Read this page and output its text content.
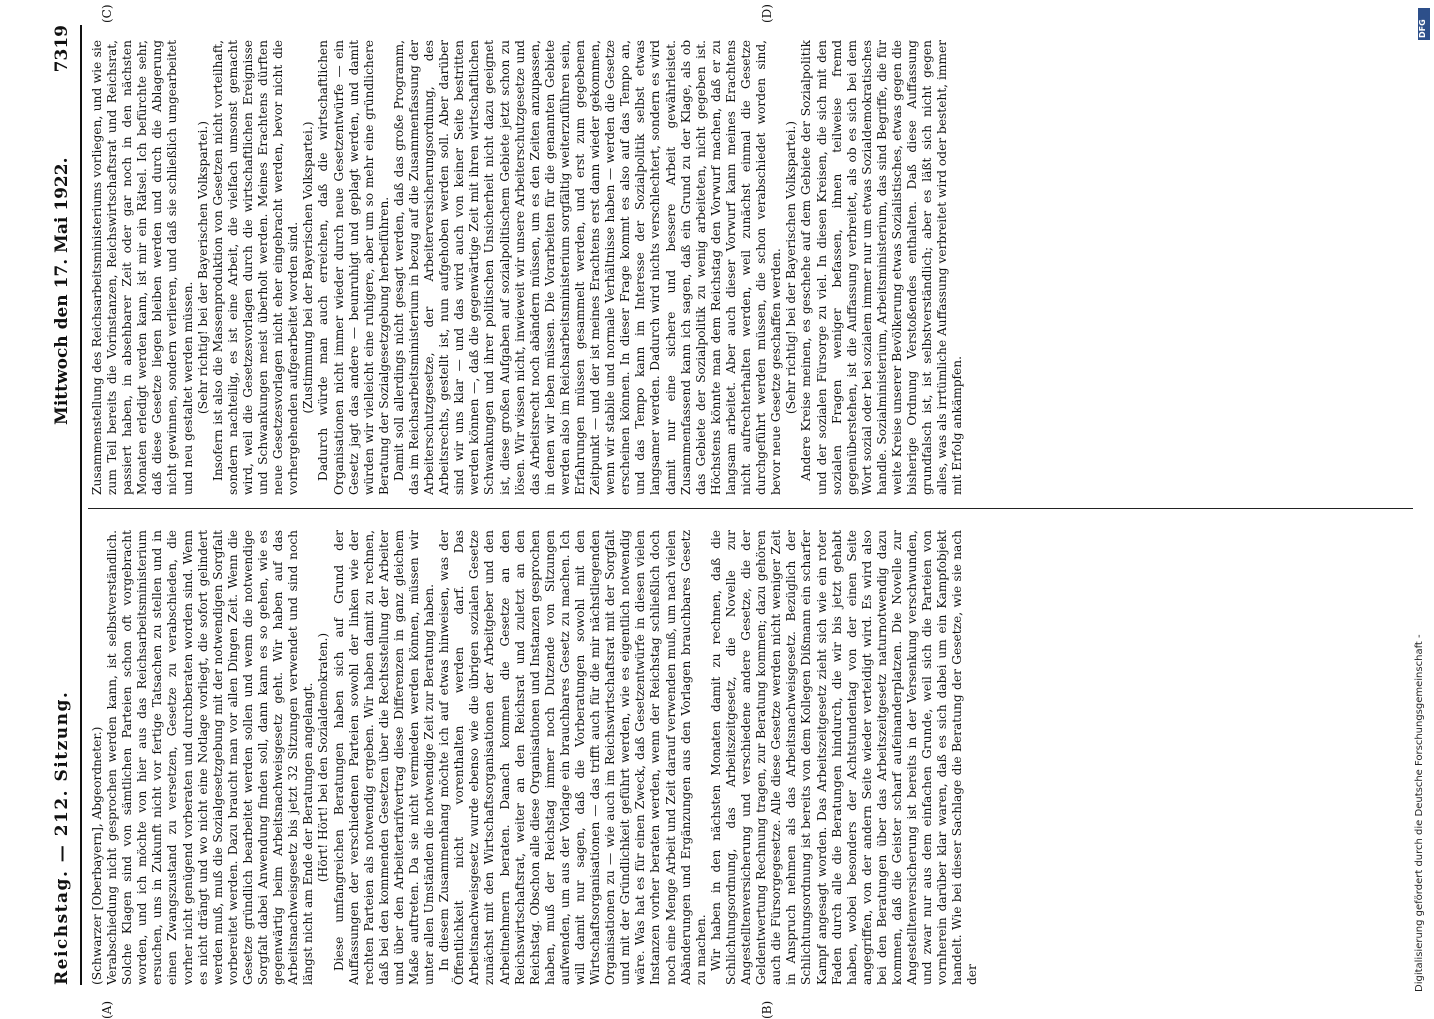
Reichstag. — 212. Sitzung.
Mittwoch den 17. Mai 1922.
7319
(A)	(B)
(C)	(D)

(Schwarzer [Oberbayern], Abgeordneter.) Verabschiedung nicht gesprochen werden kann, ist selbstverständlich. Solche Klagen sind von sämtlichen Parteien schon oft vorgebracht worden, und ich möchte von hier aus das Reichsarbeitsministerium ersuchen, uns in Zukunft nicht vor fertige Tatsachen zu stellen und in einen Zwangszustand zu versetzen, Gesetze zu verabschieden, die vorher nicht genügend vorberaten und durchberaten worden sind. Wenn es nicht drängt und wo nicht eine Notlage vorliegt, die sofort gelindert werden muß, muß die Sozialgesetzgebung mit der notwendigen Sorgfalt vorbereitet werden. Dazu braucht man vor allen Dingen Zeit. Wenn die Gesetze gründlich bearbeitet werden sollen und wenn die notwendige Sorgfalt dabei Anwendung finden soll, dann kann es so gehen, wie es gegenwärtig beim Arbeitsnachweisgesetz geht. Wir haben auf das Arbeitsnachweisgesetz bis jetzt 32 Sitzungen verwendet und sind noch längst nicht am Ende der Beratungen angelangt. (Hört! Hört! bei den Sozialdemokraten.) Diese umfangreichen Beratungen haben sich auf Grund der Auffassungen der verschiedenen Parteien sowohl der linken wie der rechten Parteien als notwendig ergeben. Wir haben damit zu rechnen, daß bei den kommenden Gesetzen über die Rechtsstellung der Arbeiter und über den Arbeitertarifvertrag diese Differenzen in ganz gleichem Maße auftreten. Da sie nicht vermieden werden können, müssen wir unter allen Umständen die notwendige Zeit zur Beratung haben. In diesem Zusammenhang möchte ich auf etwas hinweisen, was der Öffentlichkeit nicht vorenthalten werden darf. Das Arbeitsnachweisgesetz wurde ebenso wie die übrigen sozialen Gesetze zunächst mit den Wirtschaftsorganisationen der Arbeitgeber und den Arbeitnehmern beraten. Danach kommen die Gesetze an den Reichswirtschaftsrat, weiter an den Reichsrat und zuletzt an den Reichstag. Obschon alle diese Organisationen und Instanzen gesprochen haben, muß der Reichstag immer noch Dutzende von Sitzungen aufwenden, um aus der Vorlage ein brauchbares Gesetz zu machen. Ich will damit nur sagen, daß die Vorberatungen sowohl mit den Wirtschaftsorganisationen — das trifft auch für die mir nächstliegenden Organisationen zu — wie auch im Reichswirtschaftsrat mit der Sorgfalt und mit der Gründlichkeit geführt werden, wie es eigentlich notwendig wäre. Was hat es für einen Zweck, daß Gesetzentwürfe in diesen vielen Instanzen vorher beraten werden, wenn der Reichstag schließlich doch noch eine Menge Arbeit und Zeit darauf verwenden muß, um nach vielen Abänderungen und Ergänzungen aus den Vorlagen brauchbares Gesetz zu machen. Wir haben in den nächsten Monaten damit zu rechnen, daß die Schlichtungsordnung, das Arbeitszeitgesetz, die Novelle zur Angestelltenversicherung und verschiedene andere Gesetze, die der Geldentwertung Rechnung tragen, zur Beratung kommen; dazu gehören auch die Fürsorgegesetze. Alle diese Gesetze werden nicht weniger Zeit in Anspruch nehmen als das Arbeitsnachweisgesetz. Bezüglich der Schlichtungsordnung ist bereits von dem Kollegen Dißmann ein scharfer Kampf angesagt worden. Das Arbeitszeitgesetz zieht sich wie ein roter Faden durch alle die Beratungen hindurch, die wir bis jetzt gehabt haben, wobei besonders der Achtstundentag von der einen Seite angegriffen, von der andern Seite wieder verteidigt wird. Es wird also bei den Beratungen über das Arbeitszeitgesetz naturnotwendig dazu kommen, daß die Geister scharf aufeinanderplatzen. Die Novelle zur Angestelltenversicherung ist bereits in der Versenkung verschwunden, und zwar nur aus dem einfachen Grunde, weil sich die Parteien von vornherein darüber klar waren, daß es sich dabei um ein Kampfobjekt handelt. Wie bei dieser Sachlage die Beratung der Gesetze, wie sie nach der

Zusammenstellung des Reichsarbeitsministeriums vorliegen, und wie sie zum Teil bereits die Vorinstanzen, Reichswirtschaftsrat und Reichsrat, passiert haben, in absehbarer Zeit oder gar noch in den nächsten Monaten erledigt werden kann, ist mir ein Rätsel. Ich befürchte sehr, daß diese Gesetze liegen bleiben werden und durch die Ablagerung nicht gewinnen, sondern verlieren, und daß sie schließlich umgearbeitet und neu gestaltet werden müssen. (Sehr richtig! bei der Bayerischen Volkspartei.) Insofern ist also die Massenproduktion von Gesetzen nicht vorteilhaft, sondern nachteilig, es ist eine Arbeit, die vielfach umsonst gemacht wird, weil die Gesetzesvorlagen durch die wirtschaftlichen Ereignisse und Schwankungen meist überholt werden. Meines Erachtens dürften neue Gesetzesvorlagen nicht eher eingebracht werden, bevor nicht die vorhergehenden aufgearbeitet worden sind. (Zustimmung bei der Bayerischen Volkspartei.) Dadurch würde man auch erreichen, daß die wirtschaftlichen Organisationen nicht immer wieder durch neue Gesetzentwürfe — ein Gesetz jagt das andere — beunruhigt und geplagt werden, und damit würden wir vielleicht eine ruhigere, aber um so mehr eine gründlichere Beratung der Sozialgesetzgebung herbeiführen. Damit soll allerdings nicht gesagt werden, daß das große Programm, das im Reichsarbeitsministerium in bezug auf die Zusammenfassung der Arbeiterschutzgesetze, der Arbeiterversicherungsordnung, des Arbeitsrechts, gestellt ist, nun aufgehoben werden soll. Aber darüber sind wir uns klar — und das wird auch von keiner Seite bestritten werden können —, daß die gegenwärtige Zeit mit ihren wirtschaftlichen Schwankungen und ihrer politischen Unsicherheit nicht dazu geeignet ist, diese großen Aufgaben auf sozialpolitischem Gebiete jetzt schon zu lösen. Wir wissen nicht, inwieweit wir unsere Arbeiterschutzgesetze und das Arbeitsrecht noch abändern müssen, um es den Zeiten anzupassen, in denen wir leben müssen. Die Vorarbeiten für die genannten Gebiete werden also im Reichsarbeitsministerium sorgfältig weiterzuführen sein, Erfahrungen müssen gesammelt werden, und erst zum gegebenen Zeitpunkt — und der ist meines Erachtens erst dann wieder gekommen, wenn wir stabile und normale Verhältnisse haben — werden die Gesetze erscheinen können. In dieser Frage kommt es also auf das Tempo an, und das Tempo kann im Interesse der Sozialpolitik selbst etwas langsamer werden. Dadurch wird nichts verschlechtert, sondern es wird damit nur eine sichere und bessere Arbeit gewährleistet. Zusammenfassend kann ich sagen, daß ein Grund zu der Klage, als ob das Gebiete der Sozialpolitik zu wenig arbeiteten, nicht gegeben ist. Höchstens könnte man dem Reichstag den Vorwurf machen, daß er zu langsam arbeitet. Aber auch dieser Vorwurf kann meines Erachtens nicht aufrechterhalten werden, weil zunächst einmal die Gesetze durchgeführt werden müssen, die schon verabschiedet worden sind, bevor neue Gesetze geschaffen werden. (Sehr richtig! bei der Bayerischen Volkspartei.) Andere Kreise meinen, es geschehe auf dem Gebiete der Sozialpolitik und der sozialen Fürsorge zu viel. In diesen Kreisen, die sich mit den sozialen Fragen weniger befassen, ihnen teilweise fremd gegenüberstehen, ist die Auffassung verbreitet, als ob es sich bei dem Wort sozial oder bei sozialem immer nur um etwas Sozialdemokratisches handle. Sozialministerium, Arbeitsministerium, das sind Begriffe, die für weite Kreise unserer Bevölkerung etwas Sozialistisches, etwas gegen die bisherige Ordnung Verstoßendes enthalten. Daß diese Auffassung grundfalsch ist, ist selbstverständlich; aber es läßt sich nicht gegen alles, was als irrtümliche Auffassung verbreitet wird oder besteht, immer mit Erfolg ankämpfen.

Digitalisierung gefördert durch die Deutsche Forschungsgemeinschaft -
DFG
